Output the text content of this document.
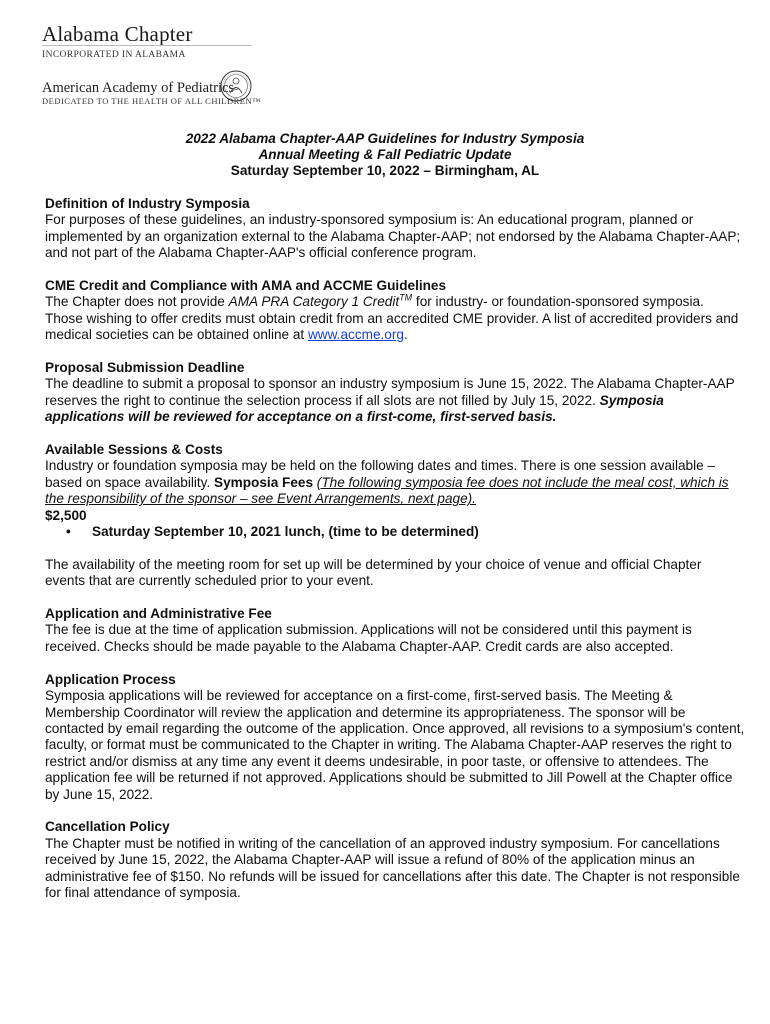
Alabama Chapter
INCORPORATED IN ALABAMA
American Academy of Pediatrics
DEDICATED TO THE HEALTH OF ALL CHILDREN™
2022 Alabama Chapter-AAP Guidelines for Industry Symposia
Annual Meeting & Fall Pediatric Update
Saturday September 10, 2022 – Birmingham, AL

Definition of Industry Symposia

For purposes of these guidelines, an industry-sponsored symposium is: An educational program, planned or implemented by an organization external to the Alabama Chapter-AAP; not endorsed by the Alabama Chapter-AAP; and not part of the Alabama Chapter-AAP's official conference program.

CME Credit and Compliance with AMA and ACCME Guidelines

The Chapter does not provide AMA PRA Category 1 Credit™ for industry- or foundation-sponsored symposia. Those wishing to offer credits must obtain credit from an accredited CME provider. A list of accredited providers and medical societies can be obtained online at www.accme.org.

Proposal Submission Deadline

The deadline to submit a proposal to sponsor an industry symposium is June 15, 2022. The Alabama Chapter-AAP reserves the right to continue the selection process if all slots are not filled by July 15, 2022. Symposia applications will be reviewed for acceptance on a first-come, first-served basis.

Available Sessions & Costs

Industry or foundation symposia may be held on the following dates and times. There is one session available – based on space availability. Symposia Fees (The following symposia fee does not include the meal cost, which is the responsibility of the sponsor – see Event Arrangements, next page).

$2,500

• Saturday September 10, 2021 lunch, (time to be determined)

The availability of the meeting room for set up will be determined by your choice of venue and official Chapter events that are currently scheduled prior to your event.

Application and Administrative Fee

The fee is due at the time of application submission. Applications will not be considered until this payment is received. Checks should be made payable to the Alabama Chapter-AAP. Credit cards are also accepted.

Application Process

Symposia applications will be reviewed for acceptance on a first-come, first-served basis. The Meeting & Membership Coordinator will review the application and determine its appropriateness. The sponsor will be contacted by email regarding the outcome of the application. Once approved, all revisions to a symposium's content, faculty, or format must be communicated to the Chapter in writing. The Alabama Chapter-AAP reserves the right to restrict and/or dismiss at any time any event it deems undesirable, in poor taste, or offensive to attendees. The application fee will be returned if not approved. Applications should be submitted to Jill Powell at the Chapter office by June 15, 2022.

Cancellation Policy

The Chapter must be notified in writing of the cancellation of an approved industry symposium. For cancellations received by June 15, 2022, the Alabama Chapter-AAP will issue a refund of 80% of the application minus an administrative fee of $150. No refunds will be issued for cancellations after this date. The Chapter is not responsible for final attendance of symposia.
